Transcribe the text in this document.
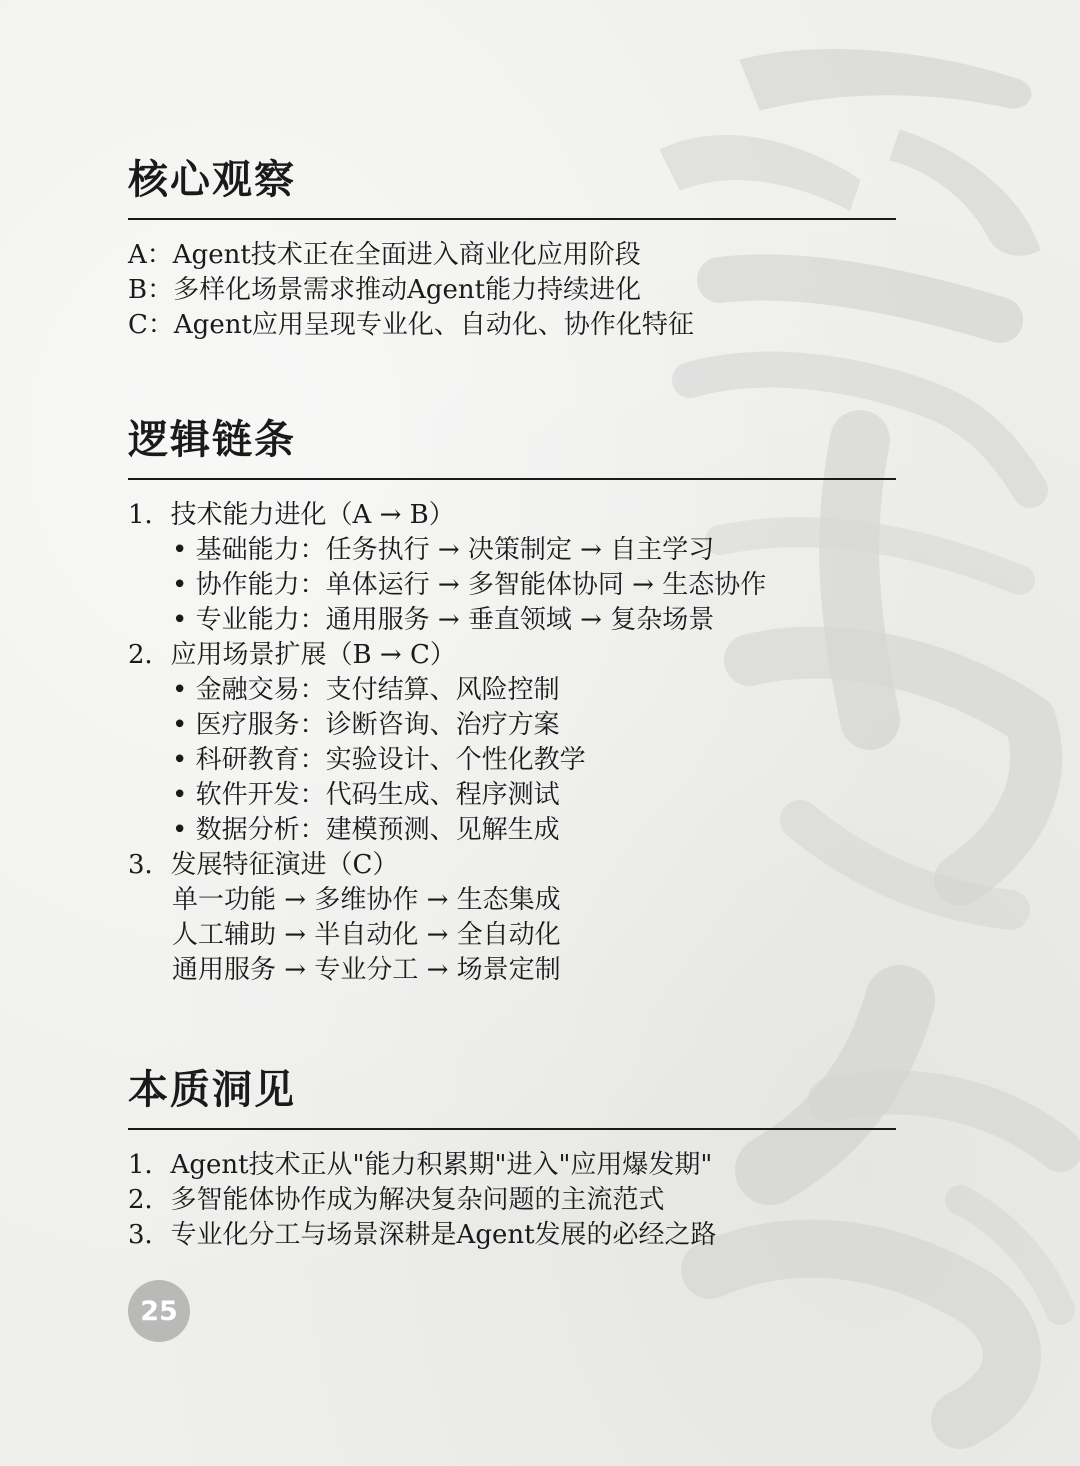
核心观察
A：Agent技术正在全面进入商业化应用阶段
B：多样化场景需求推动Agent能力持续进化
C：Agent应用呈现专业化、自动化、协作化特征
逻辑链条
1．技术能力进化（A → B）
• 基础能力：任务执行 → 决策制定 → 自主学习
• 协作能力：单体运行 → 多智能体协同 → 生态协作
• 专业能力：通用服务 → 垂直领域 → 复杂场景
2．应用场景扩展（B → C）
• 金融交易：支付结算、风险控制
• 医疗服务：诊断咨询、治疗方案
• 科研教育：实验设计、个性化教学
• 软件开发：代码生成、程序测试
• 数据分析：建模预测、见解生成
3．发展特征演进（C）
单一功能 → 多维协作 → 生态集成
人工辅助 → 半自动化 → 全自动化
通用服务 → 专业分工 → 场景定制
本质洞见
1．Agent技术正从"能力积累期"进入"应用爆发期"
2．多智能体协作成为解决复杂问题的主流范式
3．专业化分工与场景深耕是Agent发展的必经之路
25
